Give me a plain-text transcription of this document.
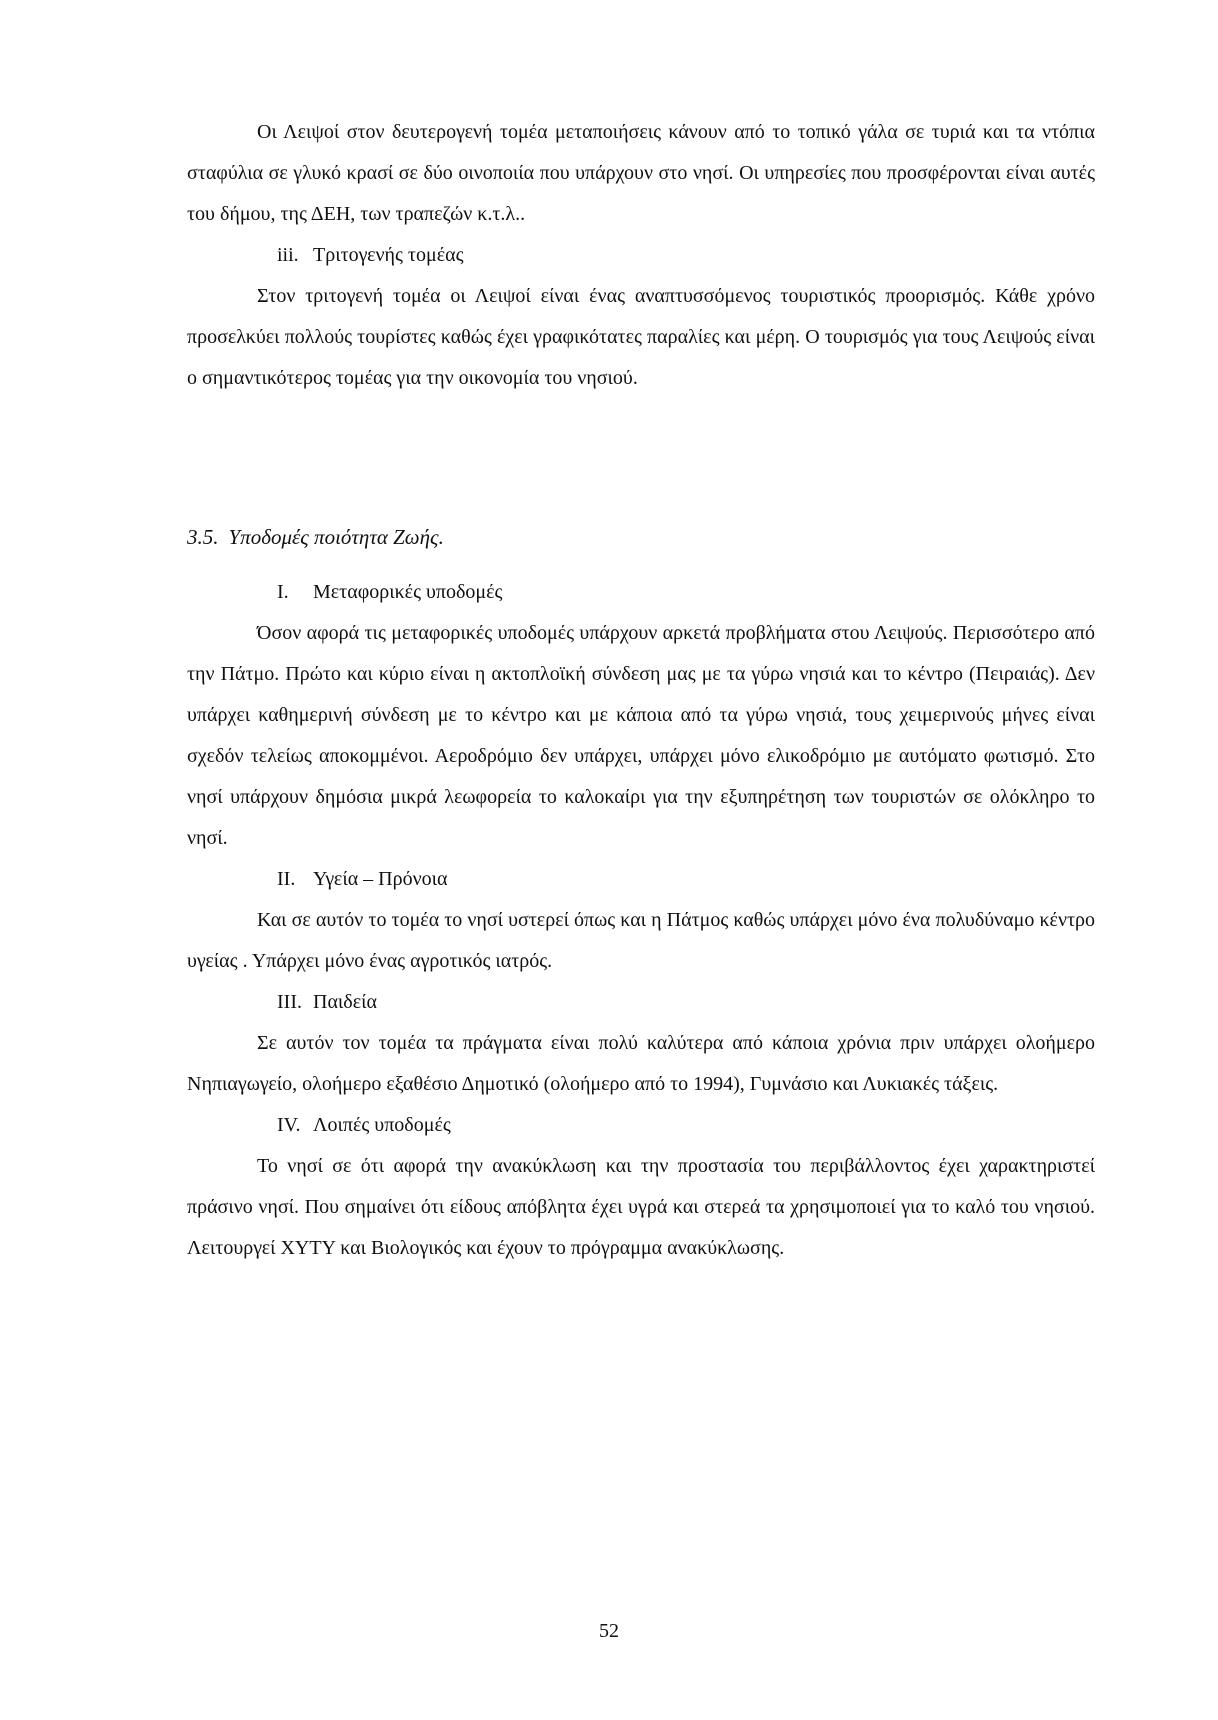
Οι Λειψοί στον δευτερογενή τομέα μεταποιήσεις κάνουν από το τοπικό γάλα σε τυριά και τα ντόπια σταφύλια σε γλυκό κρασί σε δύο οινοποιία που υπάρχουν στο νησί. Οι υπηρεσίες που προσφέρονται είναι αυτές του δήμου, της ΔΕΗ, των τραπεζών κ.τ.λ..

iii. Τριτογενής τομέας

Στον τριτογενή τομέα οι Λειψοί είναι ένας αναπτυσσόμενος τουριστικός προορισμός. Κάθε χρόνο προσελκύει πολλούς τουρίστες καθώς έχει γραφικότατες παραλίες και μέρη. Ο τουρισμός για τους Λειψούς είναι ο σημαντικότερος τομέας για την οικονομία του νησιού.

3.5. Υποδομές ποιότητα Ζωής.

I. Μεταφορικές υποδομές

Όσον αφορά τις μεταφορικές υποδομές υπάρχουν αρκετά προβλήματα στου Λειψούς. Περισσότερο από την Πάτμο. Πρώτο και κύριο είναι η ακτοπλοϊκή σύνδεση μας με τα γύρω νησιά και το κέντρο (Πειραιάς). Δεν υπάρχει καθημερινή σύνδεση με το κέντρο και με κάποια από τα γύρω νησιά, τους χειμερινούς μήνες είναι σχεδόν τελείως αποκομμένοι. Αεροδρόμιο δεν υπάρχει, υπάρχει μόνο ελικοδρόμιο με αυτόματο φωτισμό. Στο νησί υπάρχουν δημόσια μικρά λεωφορεία το καλοκαίρι για την εξυπηρέτηση των τουριστών σε ολόκληρο το νησί.

II. Υγεία – Πρόνοια

Και σε αυτόν το τομέα το νησί υστερεί όπως και η Πάτμος καθώς υπάρχει μόνο ένα πολυδύναμο κέντρο υγείας . Υπάρχει μόνο ένας αγροτικός ιατρός.

III. Παιδεία

Σε αυτόν τον τομέα τα πράγματα είναι πολύ καλύτερα από κάποια χρόνια πριν υπάρχει ολοήμερο Νηπιαγωγείο, ολοήμερο εξαθέσιο Δημοτικό (ολοήμερο από το 1994), Γυμνάσιο και Λυκιακές τάξεις.

IV. Λοιπές υποδομές

Το νησί σε ότι αφορά την ανακύκλωση και την προστασία του περιβάλλοντος έχει χαρακτηριστεί πράσινο νησί. Που σημαίνει ότι είδους απόβλητα έχει υγρά και στερεά τα χρησιμοποιεί για το καλό του νησιού. Λειτουργεί ΧΥΤΥ και Βιολογικός και έχουν το πρόγραμμα ανακύκλωσης.

52
